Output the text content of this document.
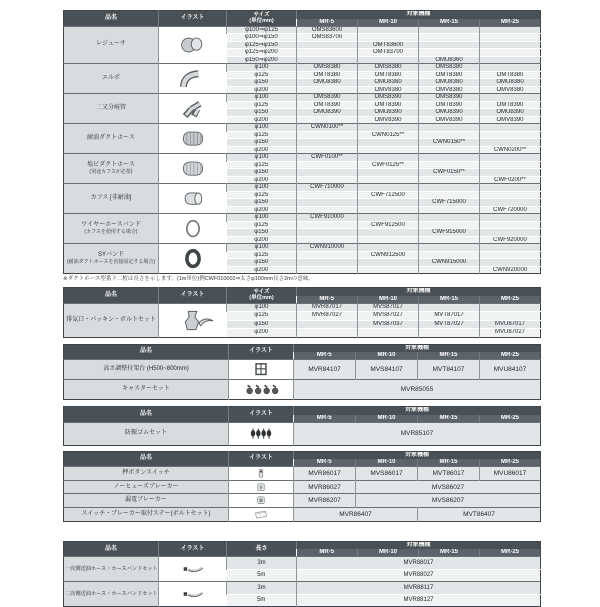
品名	イラスト	サイズ
(単位mm)	対象機種			
			MR-5	MR-10	MR-15	MR-25

レジューサ		φ100⇒φ125	OMS83600			
		φ100⇒φ150	OMS83700			
		φ125⇒φ150		OMT83600		
		φ125⇒φ200		OMT83700		
		φ150⇒φ200			OMU8360	

エルボ		φ100	OMS8380	OMS8380	OMS8380	
		φ125	OMT8380	OMT8380	OMT8380	OMT8380
		φ150	OMU8380	OMU8380	OMU8380	OMU8380
		φ200		OMV8380	OMV8380	OMV8380

二又分岐管		φ100	OMS8390	OMS8390	OMS8390	
		φ125	OMT8390	OMT8390	OMT8390	OMT8390
		φ150	OMU8390	OMU8390	OMU8390	OMU8390
		φ200		OMV8390	OMV8390	OMV8390

耐油ダクトホース		φ100	CWN0100**			
		φ125		CWN0125**		
		φ150			CWN0150**	
		φ200				CWN0200**

塩ビダクトホース
(別途カフスが必要)		φ100	CWF0100**			
		φ125		CWF0125**		
		φ150			CWF0150**	
		φ200				CWF0200**

カフス [非耐油]		φ100	CWF710000			
		φ125		CWF712500		
		φ150			CWF715000	
		φ200				CWF720000

ワイヤーホースバンド
(カフスを使用する場合)		φ100	CWF910000			
		φ125		CWF912500		
		φ150			CWF915000	
		φ200				CWF920000

SYバンド
(耐油ダクトホースを直接固定する場合)		φ100	CWN910000			
		φ125		CWN912500		
		φ150			CWN915000	
		φ200				CWN920000

※ダクトホース型番下二桁は長さを示します。(1m単位)例CWF010002⇒太さφ100mm長さ2mの意味。

品名	イラスト	サイズ
(単位mm)	対象機種			
			MR-5	MR-10	MR-15	MR-25

排気口・パッキン・ボルトセット		φ100	MVR87017	MVS87017		
		φ125	MVR87027	MVS87027	MVT87017	
		φ150		MVS87037	MVT87027	MVU87017
		φ200				MVU87027
品名	イラスト	対象機種			
		MR-5	MR-10	MR-15	MR-25

高さ調整付架台 (H500~800mm)		MVR84107	MVS84107	MVT84107	MVU84107

キャスターセット		MVR85055			
品名	イラスト	対象機種			
		MR-5	MR-10	MR-15	MR-25

防振ゴムセット		MVR85107			
品名	イラスト	対象機種			
		MR-5	MR-10	MR-15	MR-25

押ボタンスイッチ		MVR86017	MVS86017	MVT86017	MVU86017

ノーヒューズブレーカー		MVR86027	MVS86027		

漏電ブレーカー		MVR86207	MVS86207		

スイッチ・ブレーカー取付ステー(ボルトセット)		MVR86407		MVT86407	
品名	イラスト	長さ	対象機種			
			MR-5	MR-10	MR-15	MR-25

一次側送油ホース・ホースバンドセット		3m	MVR88017			
		5m	MVR88027			

二次側送油ホース・ホースバンドセット		3m	MVR88117			
		5m	MVR88127			
